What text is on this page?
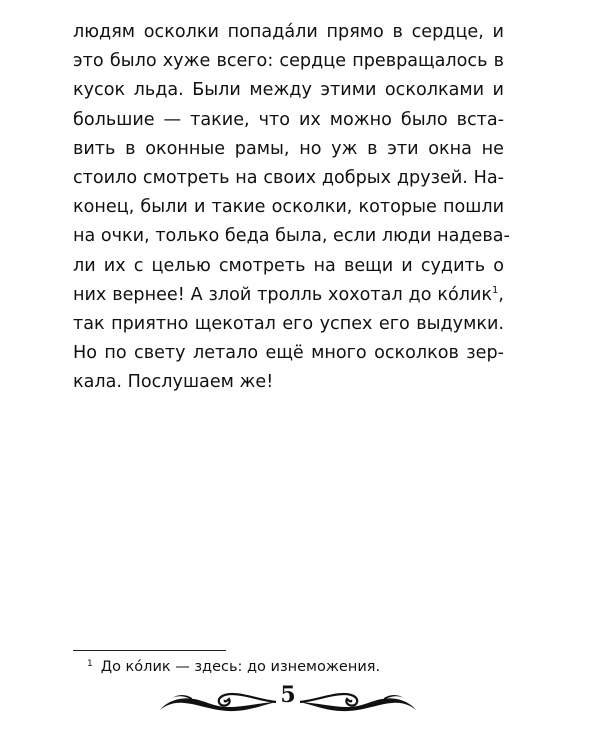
людям осколки попадáли прямо в сердце, и
это было хуже всего: сердце превращалось в
кусок льда. Были между этими осколками и
большие — такие, что их можно было вста-
вить в оконные рамы, но уж в эти окна не
стоило смотреть на своих добрых друзей. На-
конец, были и такие осколки, которые пошли
на очки, только беда была, если люди надева-
ли их с целью смотреть на вещи и судить о
них вернее! А злой тролль хохотал до кóлик$^1$,
так приятно щекотал его успех его выдумки.
Но по свету летало ещё много осколков зер-
кала. Послушаем же!
$^1$ До кóлик — здесь: до изнеможения.
5
